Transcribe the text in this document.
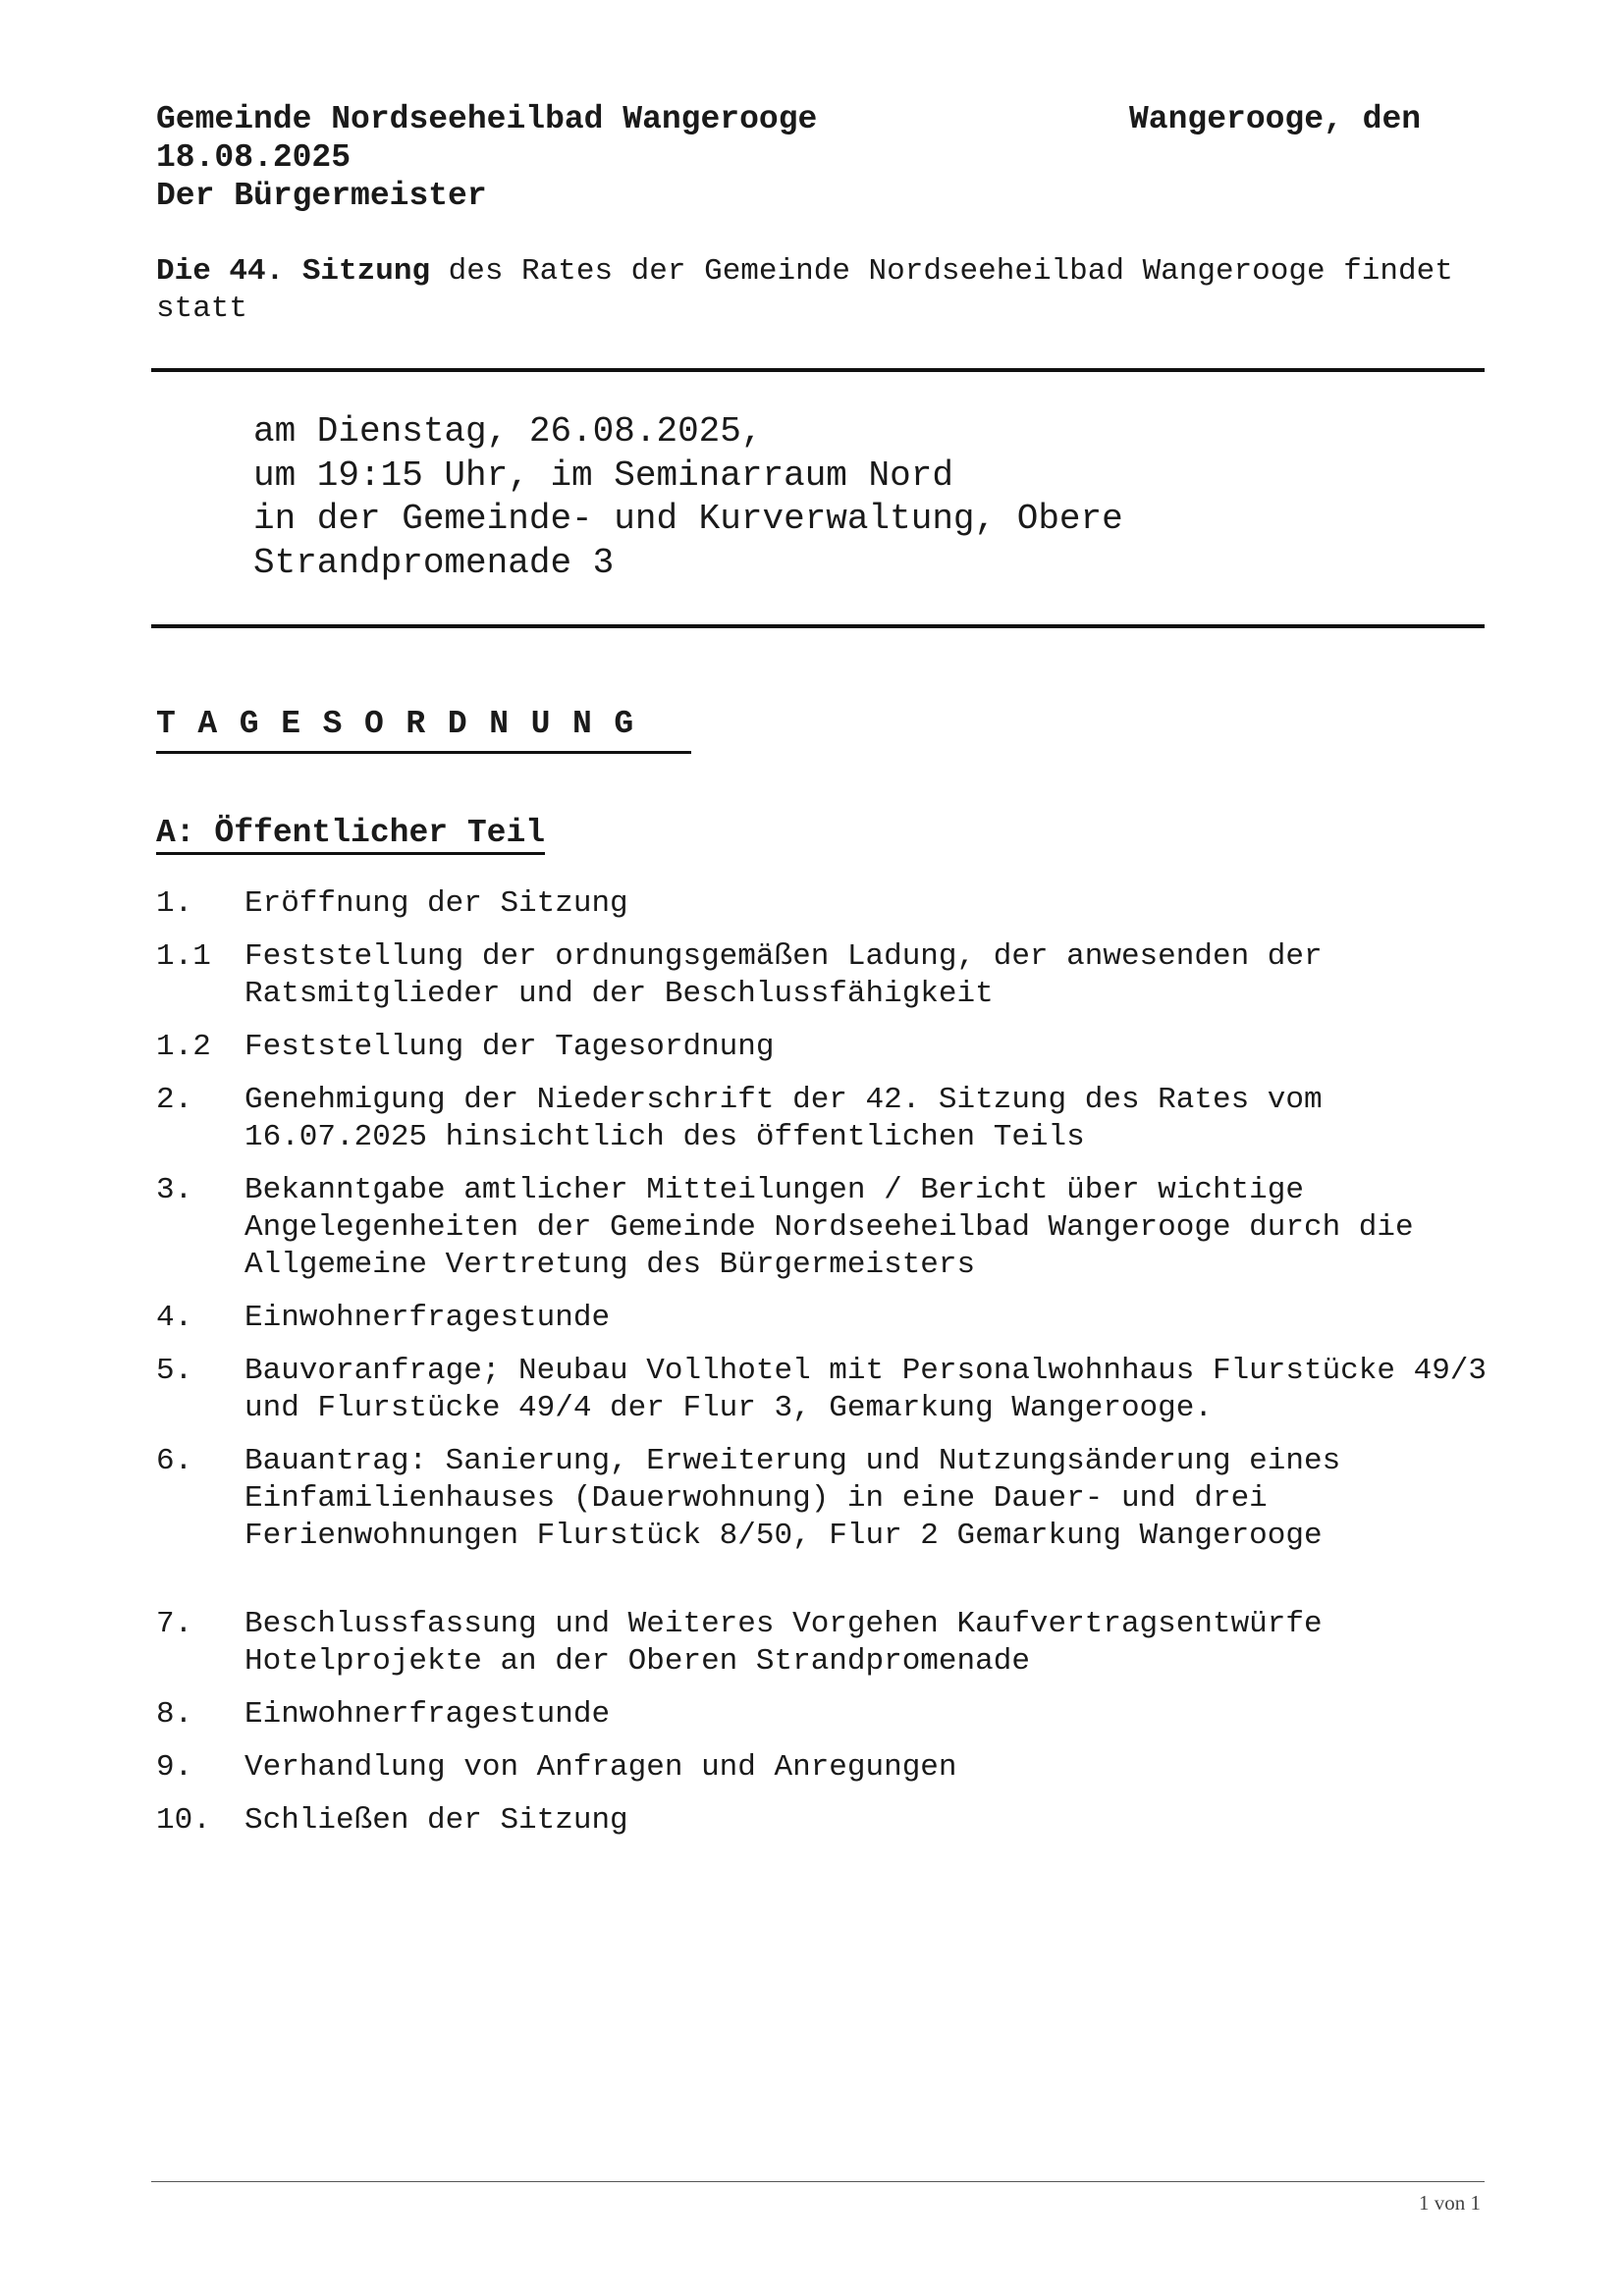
Gemeinde Nordseeheilbad Wangerooge	Wangerooge, den
18.08.2025
Der Bürgermeister
Die 44. Sitzung des Rates der Gemeinde Nordseeheilbad Wangerooge findet statt
am Dienstag, 26.08.2025,
um 19:15 Uhr, im Seminarraum Nord
in der Gemeinde- und Kurverwaltung, Obere
Strandpromenade 3
TAGESORDNUNG
A: Öffentlicher Teil
1.	Eröffnung der Sitzung
1.1	Feststellung der ordnungsgemäßen Ladung, der anwesenden der Ratsmitglieder und der Beschlussfähigkeit
1.2	Feststellung der Tagesordnung
2.	Genehmigung der Niederschrift der 42. Sitzung des Rates vom 16.07.2025 hinsichtlich des öffentlichen Teils
3.	Bekanntgabe amtlicher Mitteilungen / Bericht über wichtige Angelegenheiten der Gemeinde Nordseeheilbad Wangerooge durch die Allgemeine Vertretung des Bürgermeisters
4.	Einwohnerfragestunde
5.	Bauvoranfrage; Neubau Vollhotel mit Personalwohnhaus Flurstücke 49/3 und Flurstücke 49/4 der Flur 3, Gemarkung Wangerooge.
6.	Bauantrag: Sanierung, Erweiterung und Nutzungsänderung eines Einfamilienhauses (Dauerwohnung) in eine Dauer- und drei Ferienwohnungen Flurstück 8/50, Flur 2 Gemarkung Wangerooge
7.	Beschlussfassung und Weiteres Vorgehen Kaufvertragsentwürfe Hotelprojekte an der Oberen Strandpromenade
8.	Einwohnerfragestunde
9.	Verhandlung von Anfragen und Anregungen
10.	Schließen der Sitzung
1 von 1
